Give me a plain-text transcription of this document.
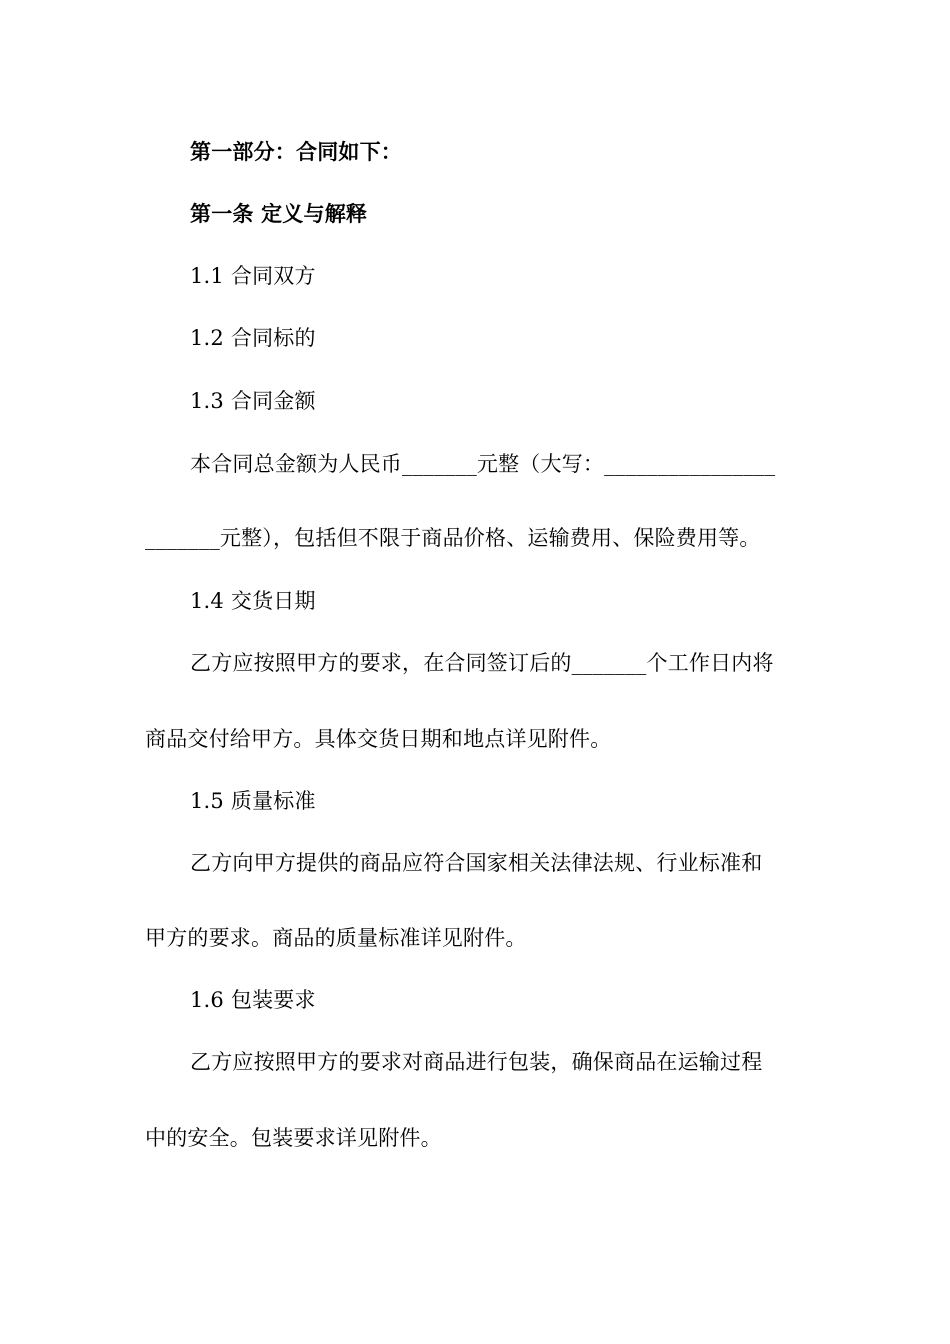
第一部分：合同如下：
第一条 定义与解释
1.1 合同双方
1.2 合同标的
1.3 合同金额
本合同总金额为人民币_______元整（大写：________________
_______元整），包括但不限于商品价格、运输费用、保险费用等。
1.4 交货日期
乙方应按照甲方的要求，在合同签订后的_______个工作日内将
商品交付给甲方。具体交货日期和地点详见附件。
1.5 质量标准
乙方向甲方提供的商品应符合国家相关法律法规、行业标准和
甲方的要求。商品的质量标准详见附件。
1.6 包装要求
乙方应按照甲方的要求对商品进行包装，确保商品在运输过程
中的安全。包装要求详见附件。
